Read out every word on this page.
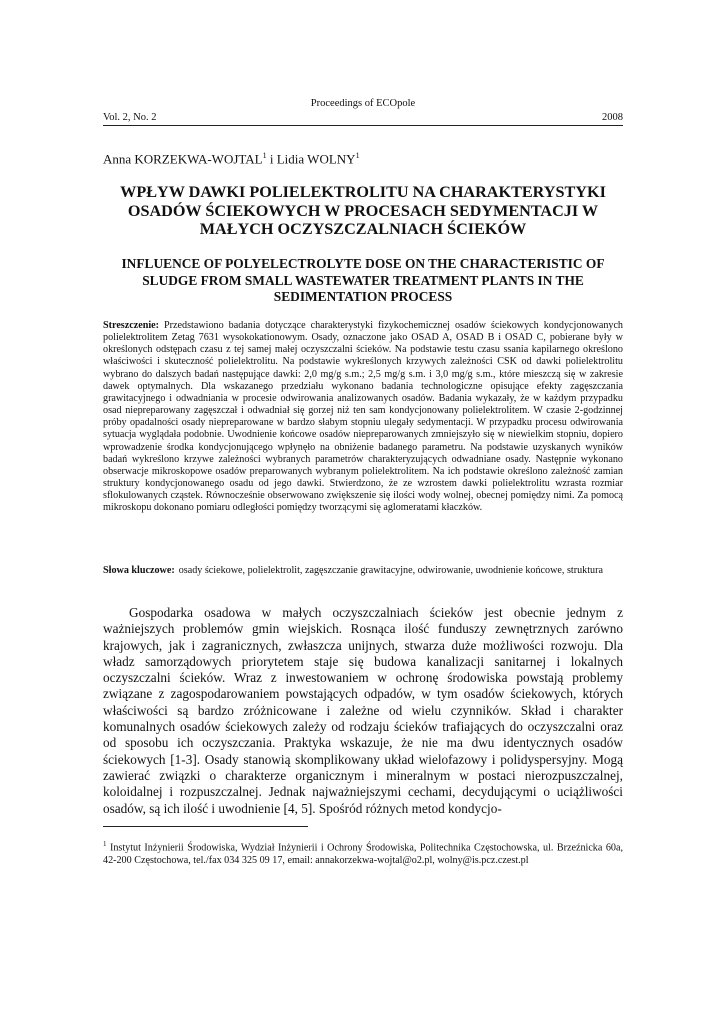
Proceedings of ECOpole
Vol. 2, No. 2	2008
Anna KORZEKWA-WOJTAL$^1$ i Lidia WOLNY$^1$
WPŁYW DAWKI POLIELEKTROLITU NA CHARAKTERYSTYKI OSADÓW ŚCIEKOWYCH W PROCESACH SEDYMENTACJI W MAŁYCH OCZYSZCZALNIACH ŚCIEKÓW
INFLUENCE OF POLYELECTROLYTE DOSE ON THE CHARACTERISTIC OF SLUDGE FROM SMALL WASTEWATER TREATMENT PLANTS IN THE SEDIMENTATION PROCESS
Streszczenie: Przedstawiono badania dotyczące charakterystyki fizykochemicznej osadów ściekowych kondycjonowanych polielektrolitem Zetag 7631 wysokokationowym. Osady, oznaczone jako OSAD A, OSAD B i OSAD C, pobierane były w określonych odstępach czasu z tej samej małej oczyszczalni ścieków. Na podstawie testu czasu ssania kapilarnego określono właściwości i skuteczność polielektrolitu. Na podstawie wykreślonych krzywych zależności CSK od dawki polielektrolitu wybrano do dalszych badań następujące dawki: 2,0 mg/g s.m.; 2,5 mg/g s.m. i 3,0 mg/g s.m., które mieszczą się w zakresie dawek optymalnych. Dla wskazanego przedziału wykonano badania technologiczne opisujące efekty zagęszczania grawitacyjnego i odwadniania w procesie odwirowania analizowanych osadów. Badania wykazały, że w każdym przypadku osad niepreparowany zagęszczał i odwadniał się gorzej niż ten sam kondycjonowany polielektrolitem. W czasie 2-godzinnej próby opadalności osady niepreparowane w bardzo słabym stopniu ulegały sedymentacji. W przypadku procesu odwirowania sytuacja wyglądała podobnie. Uwodnienie końcowe osadów niepreparowanych zmniejszyło się w niewielkim stopniu, dopiero wprowadzenie środka kondycjonującego wpłynęło na obniżenie badanego parametru. Na podstawie uzyskanych wyników badań wykreślono krzywe zależności wybranych parametrów charakteryzujących odwadniane osady. Następnie wykonano obserwacje mikroskopowe osadów preparowanych wybranym polielektrolitem. Na ich podstawie określono zależność zamian struktury kondycjonowanego osadu od jego dawki. Stwierdzono, że ze wzrostem dawki polielektrolitu wzrasta rozmiar sflokulowanych cząstek. Równocześnie obserwowano zwiększenie się ilości wody wolnej, obecnej pomiędzy nimi. Za pomocą mikroskopu dokonano pomiaru odległości pomiędzy tworzącymi się aglomeratami kłaczków.
Słowa kluczowe: osady ściekowe, polielektrolit, zagęszczanie grawitacyjne, odwirowanie, uwodnienie końcowe, struktura
Gospodarka osadowa w małych oczyszczalniach ścieków jest obecnie jednym z ważniejszych problemów gmin wiejskich. Rosnąca ilość funduszy zewnętrznych zarówno krajowych, jak i zagranicznych, zwłaszcza unijnych, stwarza duże możliwości rozwoju. Dla władz samorządowych priorytetem staje się budowa kanalizacji sanitarnej i lokalnych oczyszczalni ścieków. Wraz z inwestowaniem w ochronę środowiska powstają problemy związane z zagospodarowaniem powstających odpadów, w tym osadów ściekowych, których właściwości są bardzo zróżnicowane i zależne od wielu czynników. Skład i charakter komunalnych osadów ściekowych zależy od rodzaju ścieków trafiających do oczyszczalni oraz od sposobu ich oczyszczania. Praktyka wskazuje, że nie ma dwu identycznych osadów ściekowych [1-3]. Osady stanowią skomplikowany układ wielofazowy i polidyspersyjny. Mogą zawierać związki o charakterze organicznym i mineralnym w postaci nierozpuszczalnej, koloidalnej i rozpuszczalnej. Jednak najważniejszymi cechami, decydującymi o uciążliwości osadów, są ich ilość i uwodnienie [4, 5]. Spośród różnych metod kondycjo-
$^1$ Instytut Inżynierii Środowiska, Wydział Inżynierii i Ochrony Środowiska, Politechnika Częstochowska, ul. Brzeźnicka 60a, 42-200 Częstochowa, tel./fax 034 325 09 17, email: annakorzekwa-wojtal@o2.pl, wolny@is.pcz.czest.pl
